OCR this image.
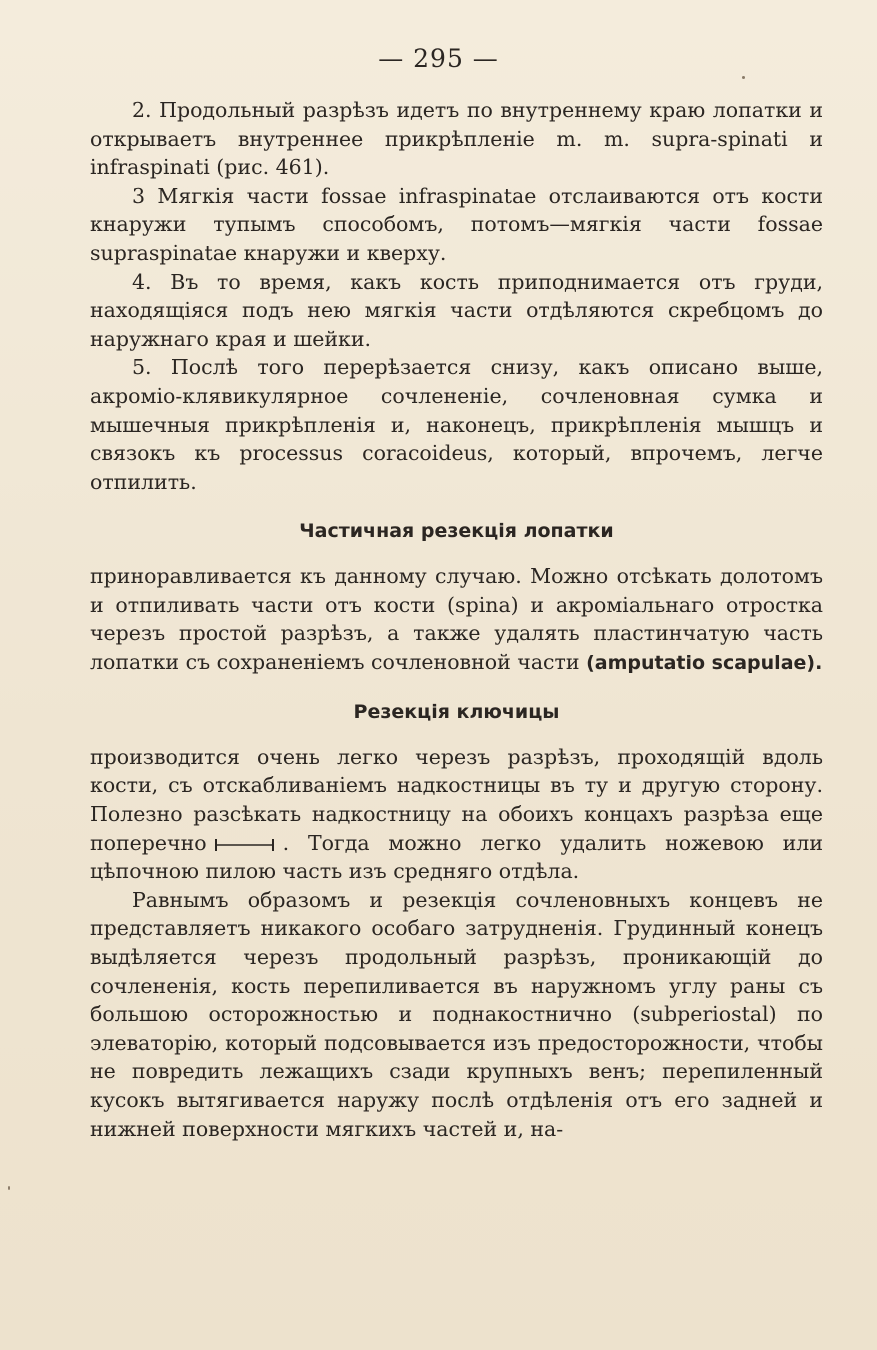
— 295 —

2. Продольный разрѣзъ идетъ по внутреннему краю лопатки и открываетъ внутреннее прикрѣпленіе m. m. supra-spinati и infraspinati (рис. 461).

3 Мягкія части fossae infraspinatae отслаиваются отъ кости кнаружи тупымъ способомъ, потомъ—мягкія части fossae supraspinatae кнаружи и кверху.

4. Въ то время, какъ кость приподнимается отъ груди, находящіяся подъ нею мягкія части отдѣляются скребцомъ до наружнаго края и шейки.

5. Послѣ того перерѣзается снизу, какъ описано выше, акроміо-клявикулярное сочлененіе, сочленовная сумка и мышечныя прикрѣпленія и, наконецъ, прикрѣпленія мышцъ и связокъ къ processus coracoideus, который, впрочемъ, легче отпилить.

Частичная резекція лопатки

приноравливается къ данному случаю. Можно отсѣкать долотомъ и отпиливать части отъ кости (spina) и акроміальнаго отростка черезъ простой разрѣзъ, а также удалять пластинчатую часть лопатки съ сохраненіемъ сочленовной части (amputatio scapulae).

Резекція ключицы

производится очень легко черезъ разрѣзъ, проходящій вдоль кости, съ отскабливаніемъ надкостницы въ ту и другую сторону. Полезно разсѣкать надкостницу на обоихъ концахъ разрѣза еще поперечно	. Тогда можно легко удалить ножевою или цѣпочною пилою часть изъ средняго отдѣла.

Равнымъ образомъ и резекція сочленовныхъ концевъ не представляетъ никакого особаго затрудненія. Грудинный конецъ выдѣляется черезъ продольный разрѣзъ, проникающій до сочлененія, кость перепиливается въ наружномъ углу раны съ большою осторожностью и поднакостнично (subperiostal) по элеваторію, который подсовывается изъ предосторожности, чтобы не повредить лежащихъ сзади крупныхъ венъ; перепиленный кусокъ вытягивается наружу послѣ отдѣленія отъ его задней и нижней поверхности мягкихъ частей и, на-
